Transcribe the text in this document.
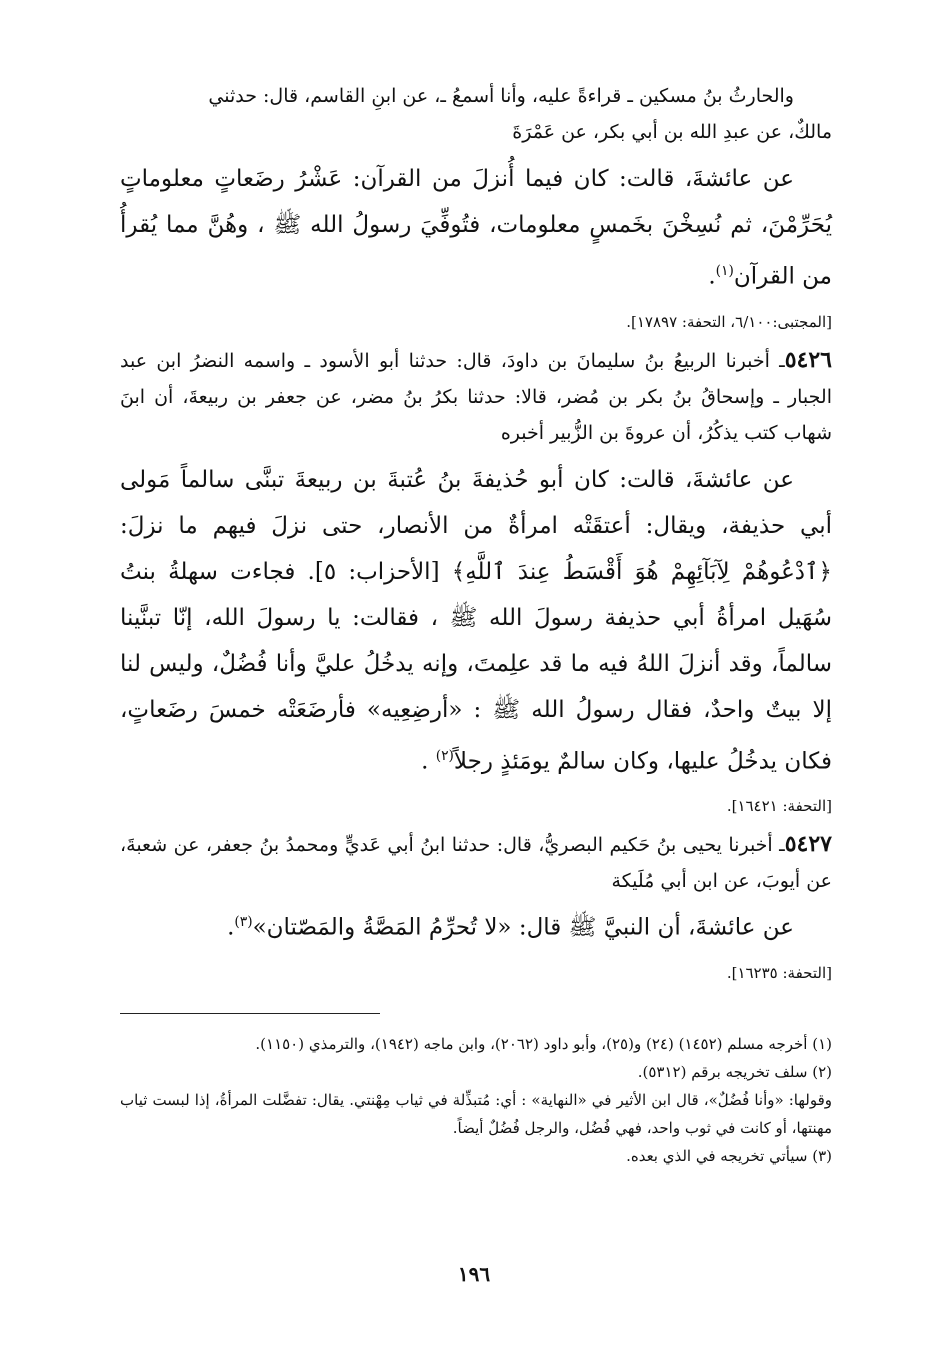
والحارثُ بنُ مسكين ـ قراءةً عليه، وأنا أسمعُ ـ، عن ابنِ القاسم، قال: حدثني
مالكٌ، عن عبدِ الله بن أبي بكر، عن عَمْرَةَ

عن عائشةَ، قالت: كان فيما أُنزلَ من القرآن: عَشْرُ رضَعاتٍ معلوماتٍ يُحَرِّمْنَ، ثم نُسِخْنَ بخَمسٍ معلومات، فتُوفِّيَ رسولُ الله ﷺ ، وهُنَّ مما يُقرأُ من القرآن$^{(١)}$.

[المجتبى:٦/١٠٠، التحفة: ١٧٨٩٧].

٥٤٢٦ـ أخبرنا الربيعُ بنُ سليمانَ بن داودَ، قال: حدثنا أبو الأسود ـ واسمه النضرُ ابن عبد الجبار ـ وإسحاقُ بنُ بكر بن مُضر، قالا: حدثنا بكرُ بنُ مضر، عن جعفر بن ربيعةَ، أن ابنَ شهاب كتب يذكُرُ، أن عروةَ بن الزُّبير أخبره

عن عائشةَ، قالت: كان أبو حُذيفةَ بنُ عُتبةَ بن ربيعةَ تبنَّى سالماً مَولى أبي حذيفة، ويقال: أعتقَتْه امرأةٌ من الأنصار، حتى نزلَ فيهم ما نزلَ: ﴿ٱدْعُوهُمْ لِآبَآئِهِمْ هُوَ أَقْسَطُ عِندَ ٱللَّهِ﴾ [الأحزاب: ٥]. فجاءت سهلةُ بنتُ سُهَيل امرأةُ أبي حذيفة رسولَ الله ﷺ ، فقالت: يا رسولَ الله، إنّا تبنَّينا سالماً، وقد أنزلَ اللهُ فيه ما قد علِمتَ، وإنه يدخُلُ عليَّ وأنا فُضُلٌ، وليس لنا إلا بيتٌ واحدٌ، فقال رسولُ الله ﷺ : «أرضِعِيه» فأرضَعَتْه خمسَ رضَعاتٍ، فكان يدخُلُ عليها، وكان سالمٌ يومَئذٍ رجلاً$^{(٢)}$ .

[التحفة: ١٦٤٢١].

٥٤٢٧ـ أخبرنا يحيى بنُ حَكيم البصريُّ، قال: حدثنا ابنُ أبي عَديٍّ ومحمدُ بنُ جعفر، عن شعبةَ، عن أيوبَ، عن ابن أبي مُلَيكة

عن عائشةَ، أن النبيَّ ﷺ قال: «لا تُحرِّمُ المَصَّةُ والمَصّتان»$^{(٣)}$.

[التحفة: ١٦٢٣٥].

(١) أخرجه مسلم (١٤٥٢) (٢٤) و(٢٥)، وأبو داود (٢٠٦٢)، وابن ماجه (١٩٤٢)، والترمذي (١١٥٠).

(٢) سلف تخريجه برقم (٥٣١٢).

وقولها: «وأنا فُضُلٌ»، قال ابن الأثير في «النهاية» : أي: مُتبذِّلة في ثياب مِهْنتي. يقال: تفضَّلت المرأةُ، إذا لبست ثياب مهنتها، أو كانت في ثوب واحد، فهي فُضُل، والرجل فُضُلٌ أيضاً.

(٣) سيأتي تخريجه في الذي بعده.

١٩٦
